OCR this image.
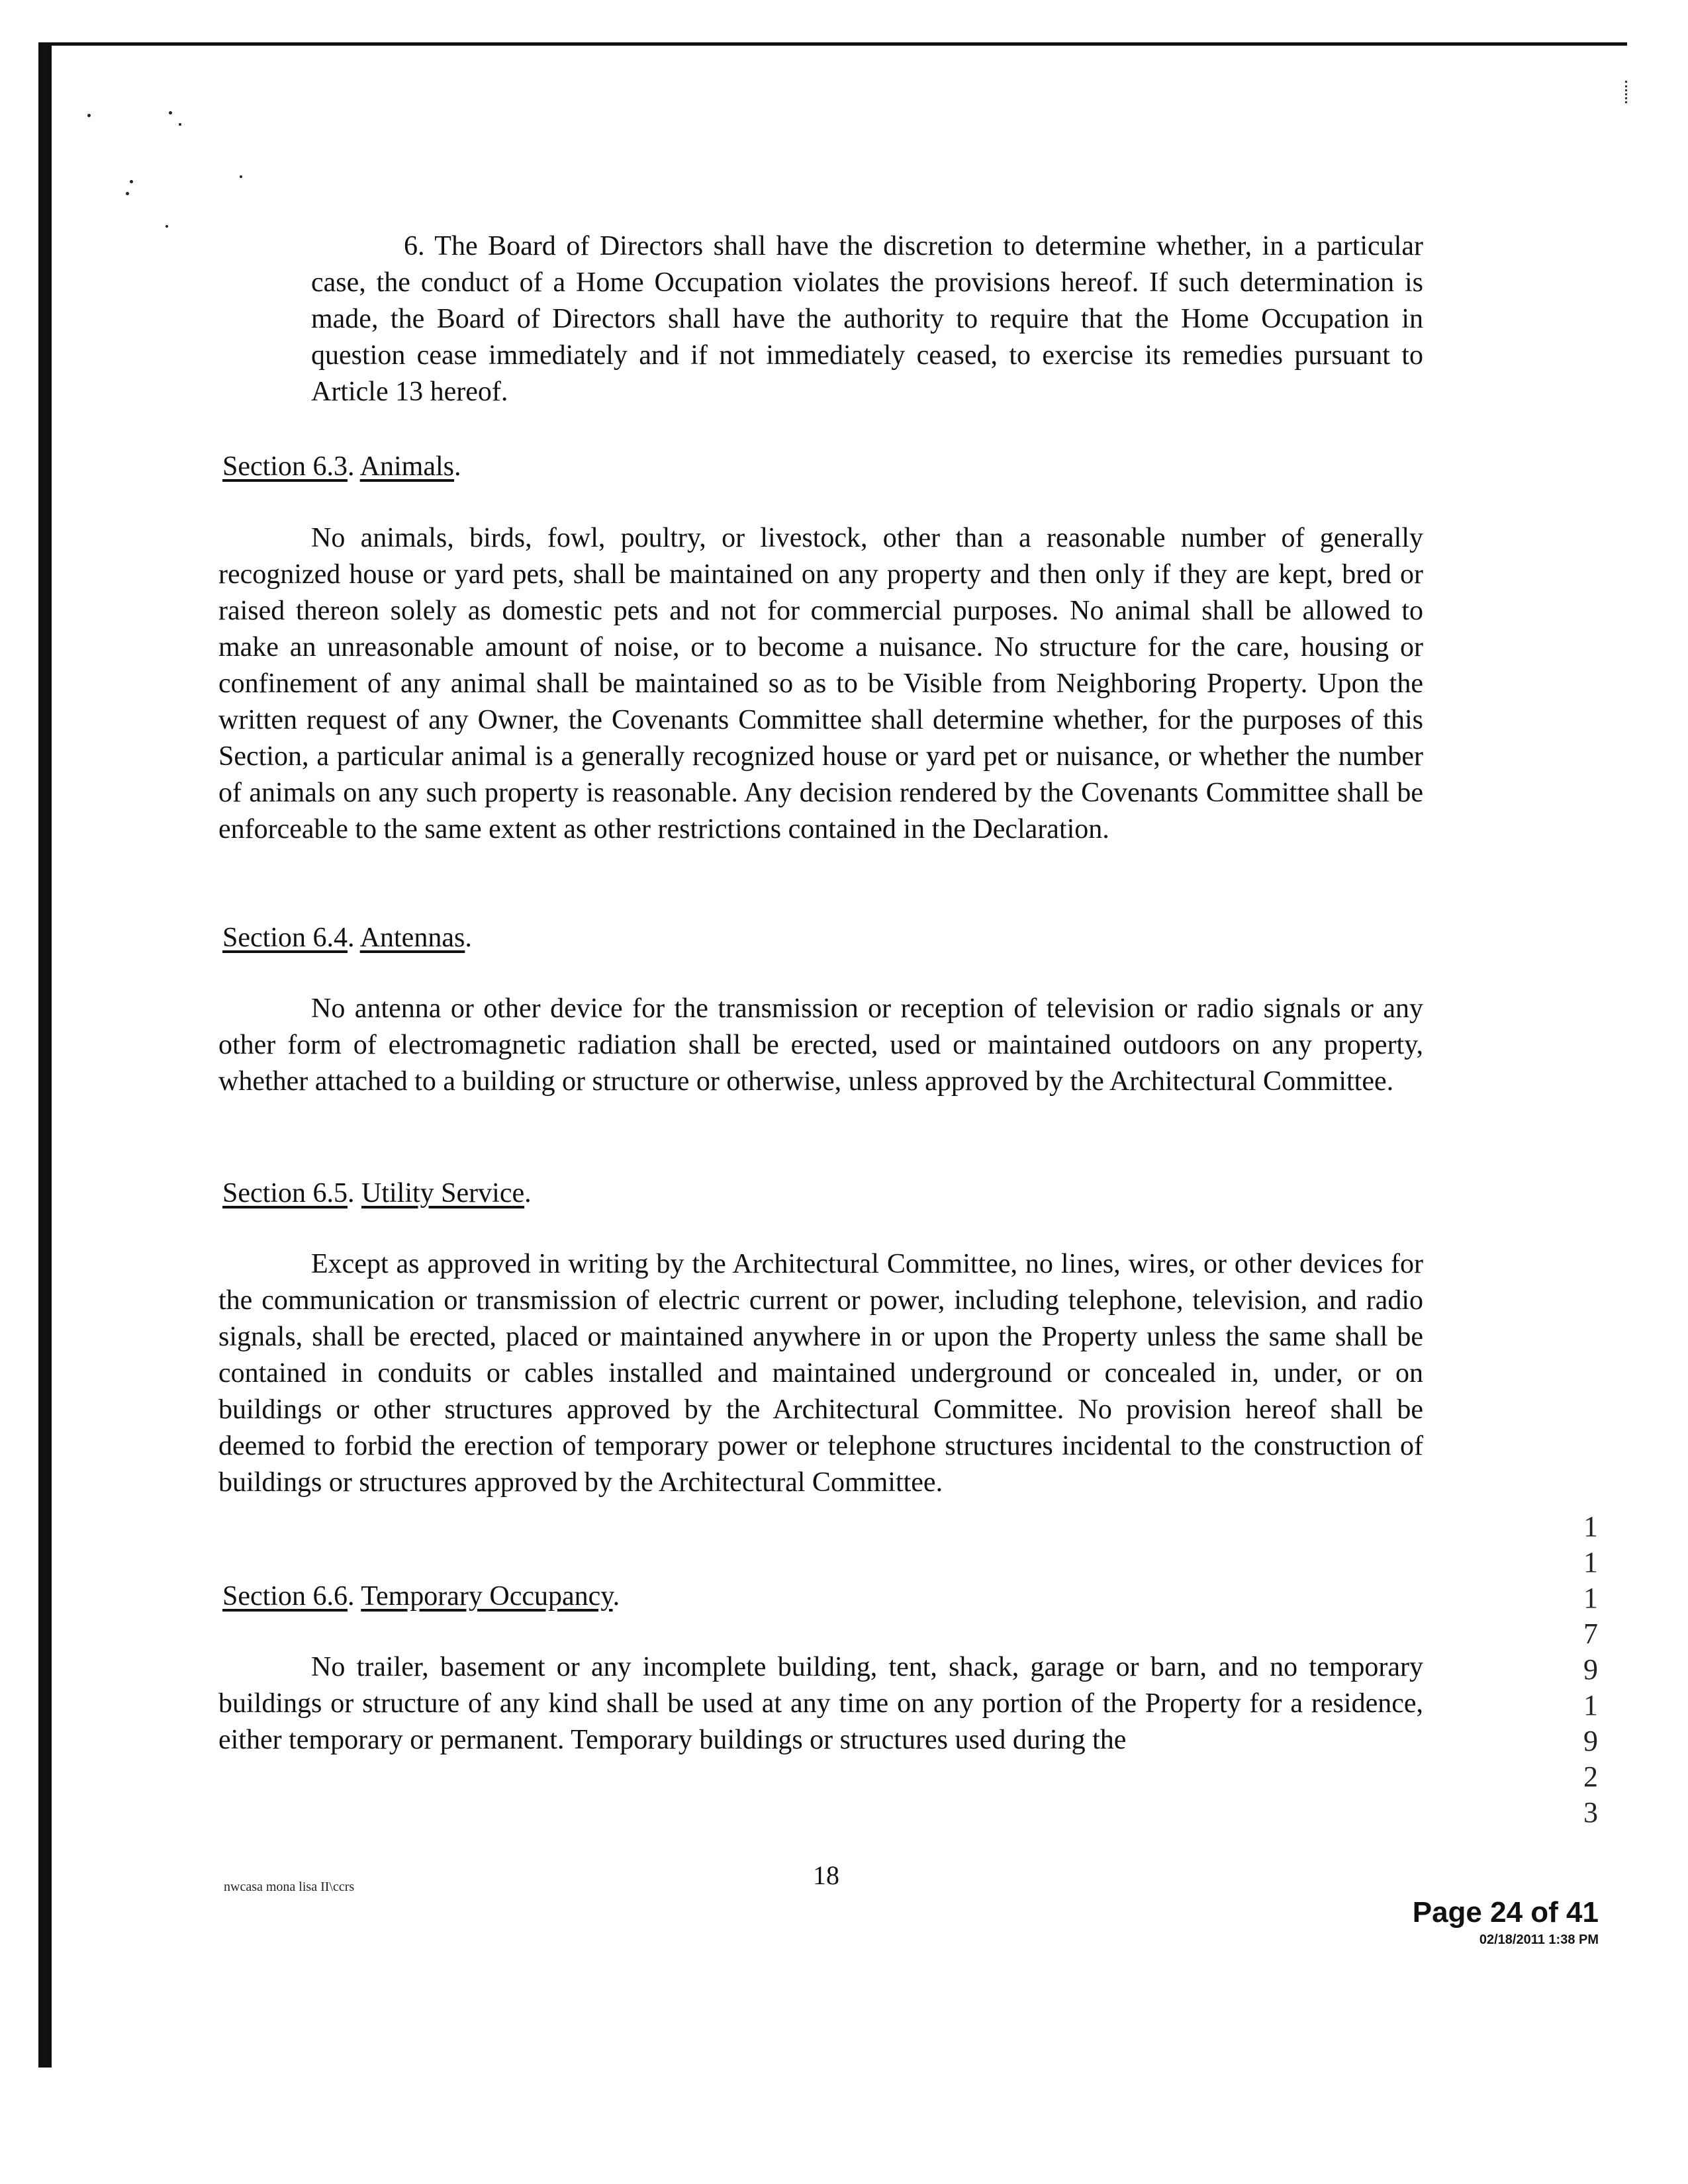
6. The Board of Directors shall have the discretion to determine whether, in a particular case, the conduct of a Home Occupation violates the provisions hereof. If such determination is made, the Board of Directors shall have the authority to require that the Home Occupation in question cease immediately and if not immediately ceased, to exercise its remedies pursuant to Article 13 hereof.

Section 6.3. Animals.

No animals, birds, fowl, poultry, or livestock, other than a reasonable number of generally recognized house or yard pets, shall be maintained on any property and then only if they are kept, bred or raised thereon solely as domestic pets and not for commercial purposes. No animal shall be allowed to make an unreasonable amount of noise, or to become a nuisance. No structure for the care, housing or confinement of any animal shall be maintained so as to be Visible from Neighboring Property. Upon the written request of any Owner, the Covenants Committee shall determine whether, for the purposes of this Section, a particular animal is a generally recognized house or yard pet or nuisance, or whether the number of animals on any such property is reasonable. Any decision rendered by the Covenants Committee shall be enforceable to the same extent as other restrictions contained in the Declaration.

Section 6.4. Antennas.

No antenna or other device for the transmission or reception of television or radio signals or any other form of electromagnetic radiation shall be erected, used or maintained outdoors on any property, whether attached to a building or structure or otherwise, unless approved by the Architectural Committee.

Section 6.5. Utility Service.

Except as approved in writing by the Architectural Committee, no lines, wires, or other devices for the communication or transmission of electric current or power, including telephone, television, and radio signals, shall be erected, placed or maintained anywhere in or upon the Property unless the same shall be contained in conduits or cables installed and maintained underground or concealed in, under, or on buildings or other structures approved by the Architectural Committee. No provision hereof shall be deemed to forbid the erection of temporary power or telephone structures incidental to the construction of buildings or structures approved by the Architectural Committee.

Section 6.6. Temporary Occupancy.

No trailer, basement or any incomplete building, tent, shack, garage or barn, and no temporary buildings or structure of any kind shall be used at any time on any portion of the Property for a residence, either temporary or permanent. Temporary buildings or structures used during the

1
1
1
7
9
1
9
2
3
nwcasa mona lisa II\ccrs	18
Page 24 of 41
02/18/2011 1:38 PM
